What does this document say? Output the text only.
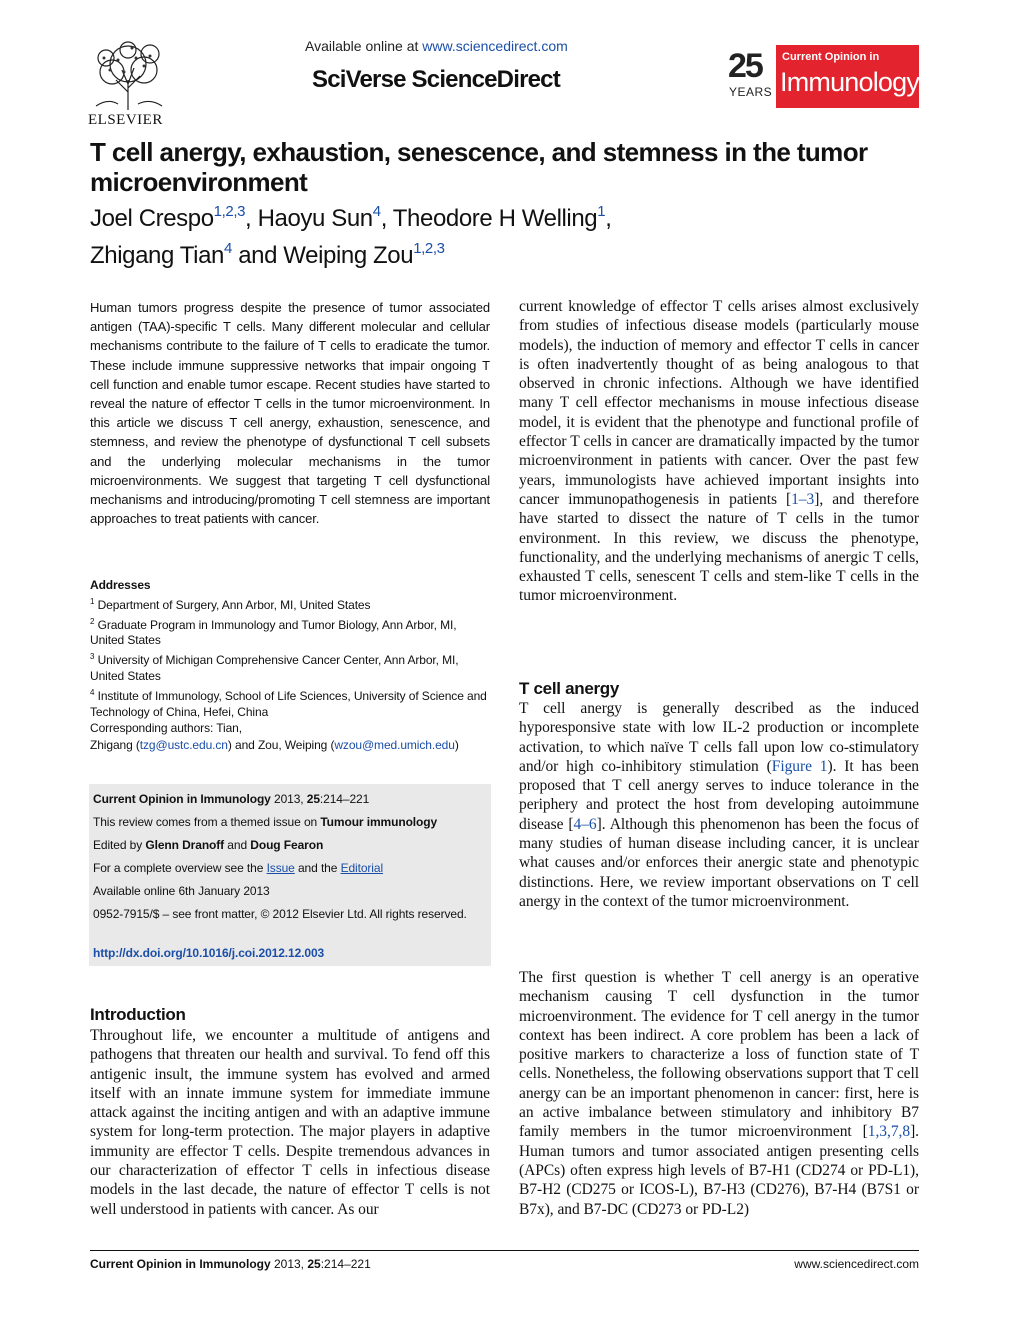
ELSEVIER
Available online at www.sciencedirect.com
SciVerse ScienceDirect	25
YEARS
Current Opinion in
Immunology
T cell anergy, exhaustion, senescence, and stemness in the tumor microenvironment
Joel Crespo$^{1,2,3}$, Haoyu Sun$^4$, Theodore H Welling$^1$,
Zhigang Tian$^4$ and Weiping Zou$^{1,2,3}$
Human tumors progress despite the presence of tumor associated antigen (TAA)-specific T cells. Many different molecular and cellular mechanisms contribute to the failure of T cells to eradicate the tumor. These include immune suppressive networks that impair ongoing T cell function and enable tumor escape. Recent studies have started to reveal the nature of effector T cells in the tumor microenvironment. In this article we discuss T cell anergy, exhaustion, senescence, and stemness, and review the phenotype of dysfunctional T cell subsets and the underlying molecular mechanisms in the tumor microenvironments. We suggest that targeting T cell dysfunctional mechanisms and introducing/promoting T cell stemness are important approaches to treat patients with cancer.
Addresses
$^1$ Department of Surgery, Ann Arbor, MI, United States
$^2$ Graduate Program in Immunology and Tumor Biology, Ann Arbor, MI, United States
$^3$ University of Michigan Comprehensive Cancer Center, Ann Arbor, MI, United States
$^4$ Institute of Immunology, School of Life Sciences, University of Science and Technology of China, Hefei, China
Corresponding authors: Tian,
Zhigang (tzg@ustc.edu.cn) and Zou, Weiping (wzou@med.umich.edu)
Current Opinion in Immunology 2013, 25:214–221
This review comes from a themed issue on Tumour immunology
Edited by Glenn Dranoff and Doug Fearon
For a complete overview see the Issue and the Editorial
Available online 6th January 2013
0952-7915/$ – see front matter, © 2012 Elsevier Ltd. All rights reserved.
http://dx.doi.org/10.1016/j.coi.2012.12.003
Introduction
Throughout life, we encounter a multitude of antigens and pathogens that threaten our health and survival. To fend off this antigenic insult, the immune system has evolved and armed itself with an innate immune system for immediate immune attack against the inciting antigen and with an adaptive immune system for long-term protection. The major players in adaptive immunity are effector T cells. Despite tremendous advances in our characterization of effector T cells in infectious disease models in the last decade, the nature of effector T cells is not well understood in patients with cancer. As our
current knowledge of effector T cells arises almost exclusively from studies of infectious disease models (particularly mouse models), the induction of memory and effector T cells in cancer is often inadvertently thought of as being analogous to that observed in chronic infections. Although we have identified many T cell effector mechanisms in mouse infectious disease model, it is evident that the phenotype and functional profile of effector T cells in cancer are dramatically impacted by the tumor microenvironment in patients with cancer. Over the past few years, immunologists have achieved important insights into cancer immunopathogenesis in patients [1–3], and therefore have started to dissect the nature of T cells in the tumor environment. In this review, we discuss the phenotype, functionality, and the underlying mechanisms of anergic T cells, exhausted T cells, senescent T cells and stem-like T cells in the tumor microenvironment.
T cell anergy
T cell anergy is generally described as the induced hyporesponsive state with low IL-2 production or incomplete activation, to which naïve T cells fall upon low co-stimulatory and/or high co-inhibitory stimulation (Figure 1). It has been proposed that T cell anergy serves to induce tolerance in the periphery and protect the host from developing autoimmune disease [4–6]. Although this phenomenon has been the focus of many studies of human disease including cancer, it is unclear what causes and/or enforces their anergic state and phenotypic distinctions. Here, we review important observations on T cell anergy in the context of the tumor microenvironment.
The first question is whether T cell anergy is an operative mechanism causing T cell dysfunction in the tumor microenvironment. The evidence for T cell anergy in the tumor context has been indirect. A core problem has been a lack of positive markers to characterize a loss of function state of T cells. Nonetheless, the following observations support that T cell anergy can be an important phenomenon in cancer: first, here is an active imbalance between stimulatory and inhibitory B7 family members in the tumor microenvironment [1,3,7,8]. Human tumors and tumor associated antigen presenting cells (APCs) often express high levels of B7-H1 (CD274 or PD-L1), B7-H2 (CD275 or ICOS-L), B7-H3 (CD276), B7-H4 (B7S1 or B7x), and B7-DC (CD273 or PD-L2)
Current Opinion in Immunology 2013, 25:214–221	www.sciencedirect.com
